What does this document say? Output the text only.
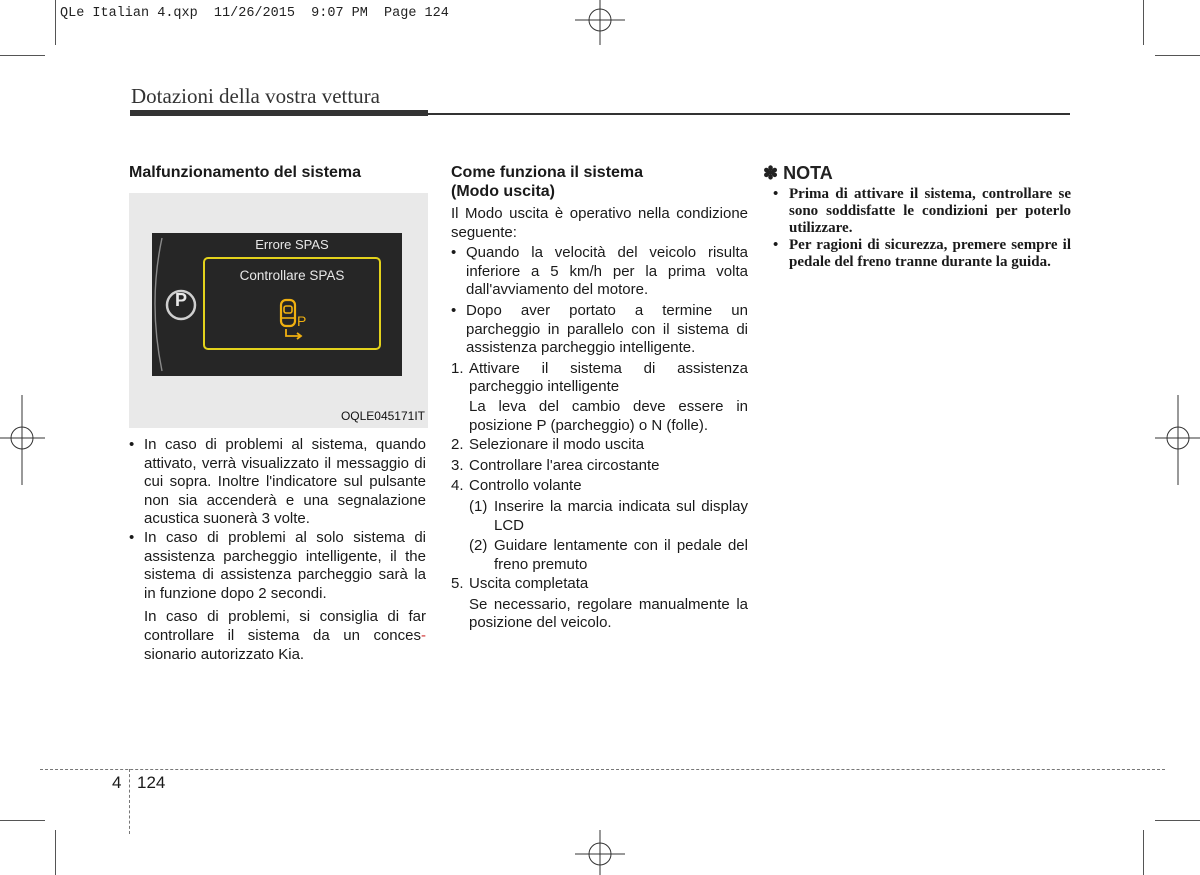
QLe Italian 4.qxp  11/26/2015  9:07 PM  Page 124
Dotazioni della vostra vettura
Malfunzionamento del sistema
P
Errore SPAS
Controllare SPAS
P
OQLE045171IT
• In caso di problemi al sistema, quando attivato, verrà visualizzato il messaggio di cui sopra. Inoltre l'indicatore sul pulsante non sia accenderà e una segnalazione acustica suonerà 3 volte.
• In caso di problemi al solo sistema di assistenza parcheggio intelligente, il the sistema di assistenza parcheggio sarà la in funzione dopo 2 secondi.
In caso di problemi, si consiglia di far controllare il sistema da un conces-sionario autorizzato Kia.
Come funziona il sistema
(Modo uscita)
Il Modo uscita è operativo nella condizione seguente:
• Quando la velocità del veicolo risulta inferiore a 5 km/h per la prima volta dall'avviamento del motore.
• Dopo aver portato a termine un parcheggio in parallelo con il sistema di assistenza parcheggio intelligente.
1. Attivare il sistema di assistenza parcheggio intelligente
La leva del cambio deve essere in posizione P (parcheggio) o N (folle).
2. Selezionare il modo uscita
3. Controllare l'area circostante
4. Controllo volante
(1) Inserire la marcia indicata sul display LCD
(2) Guidare lentamente con il pedale del freno premuto
5. Uscita completata
Se necessario, regolare manualmente la posizione del veicolo.
✽ NOTA
• Prima di attivare il sistema, controllare se sono soddisfatte le condizioni per poterlo utilizzare.
• Per ragioni di sicurezza, premere sempre il pedale del freno tranne durante la guida.
4 124
